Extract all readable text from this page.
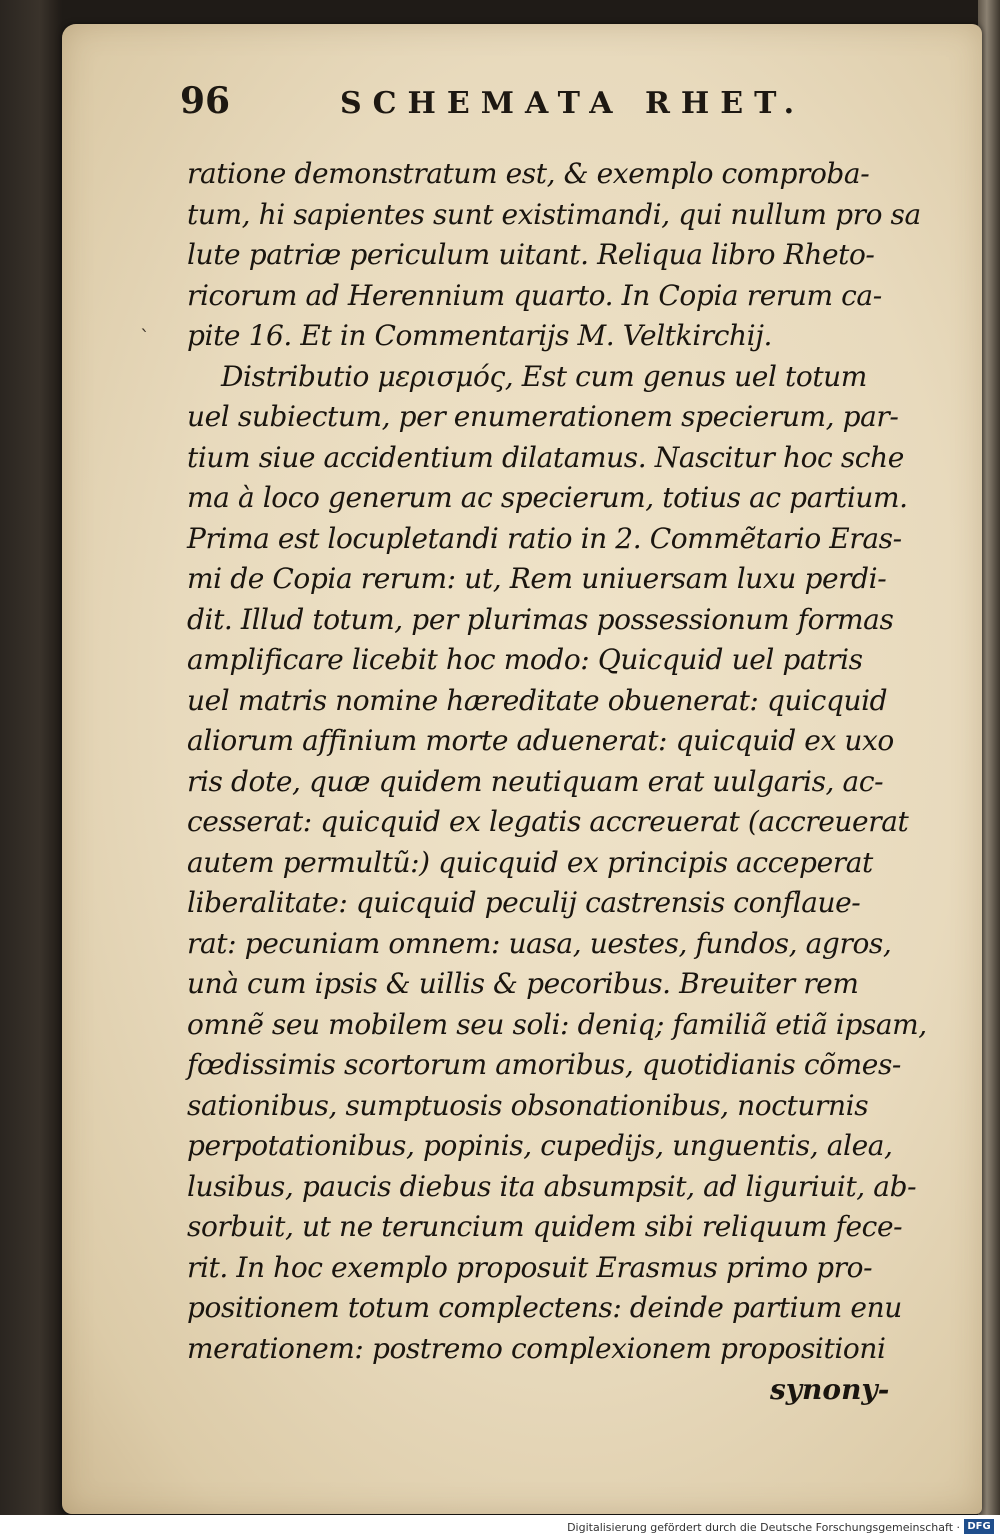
96	SCHEMATA RHET.
ˋ
ratione demonstratum est, & exemplo comproba-
tum, hi sapientes sunt existimandi, qui nullum pro sa
lute patriæ periculum uitant. Reliqua libro Rheto-
ricorum ad Herennium quarto. In Copia rerum ca-
pite 16. Et in Commentarijs M. Veltkirchij.
Distributio μερισμός, Est cum genus uel totum
uel subiectum, per enumerationem specierum, par-
tium siue accidentium dilatamus. Nascitur hoc sche
ma à loco generum ac specierum, totius ac partium.
Prima est locupletandi ratio in 2. Commẽtario Eras-
mi de Copia rerum: ut, Rem uniuersam luxu perdi-
dit. Illud totum, per plurimas possessionum formas
amplificare licebit hoc modo: Quicquid uel patris
uel matris nomine hæreditate obuenerat: quicquid
aliorum affinium morte aduenerat: quicquid ex uxo
ris dote, quæ quidem neutiquam erat uulgaris, ac-
cesserat: quicquid ex legatis accreuerat (accreuerat
autem permultũ:) quicquid ex principis acceperat
liberalitate: quicquid peculij castrensis conflaue-
rat: pecuniam omnem: uasa, uestes, fundos, agros,
unà cum ipsis & uillis & pecoribus. Breuiter rem
omnẽ seu mobilem seu soli: deniq; familiã etiã ipsam,
fœdissimis scortorum amoribus, quotidianis cõmes-
sationibus, sumptuosis obsonationibus, nocturnis
perpotationibus, popinis, cupedijs, unguentis, alea,
lusibus, paucis diebus ita absumpsit, ad liguriuit, ab-
sorbuit, ut ne teruncium quidem sibi reliquum fece-
rit. In hoc exemplo proposuit Erasmus primo pro-
positionem totum complectens: deinde partium enu
merationem: postremo complexionem propositioni
synony-
Digitalisierung gefördert durch die Deutsche Forschungsgemeinschaft · DFG
